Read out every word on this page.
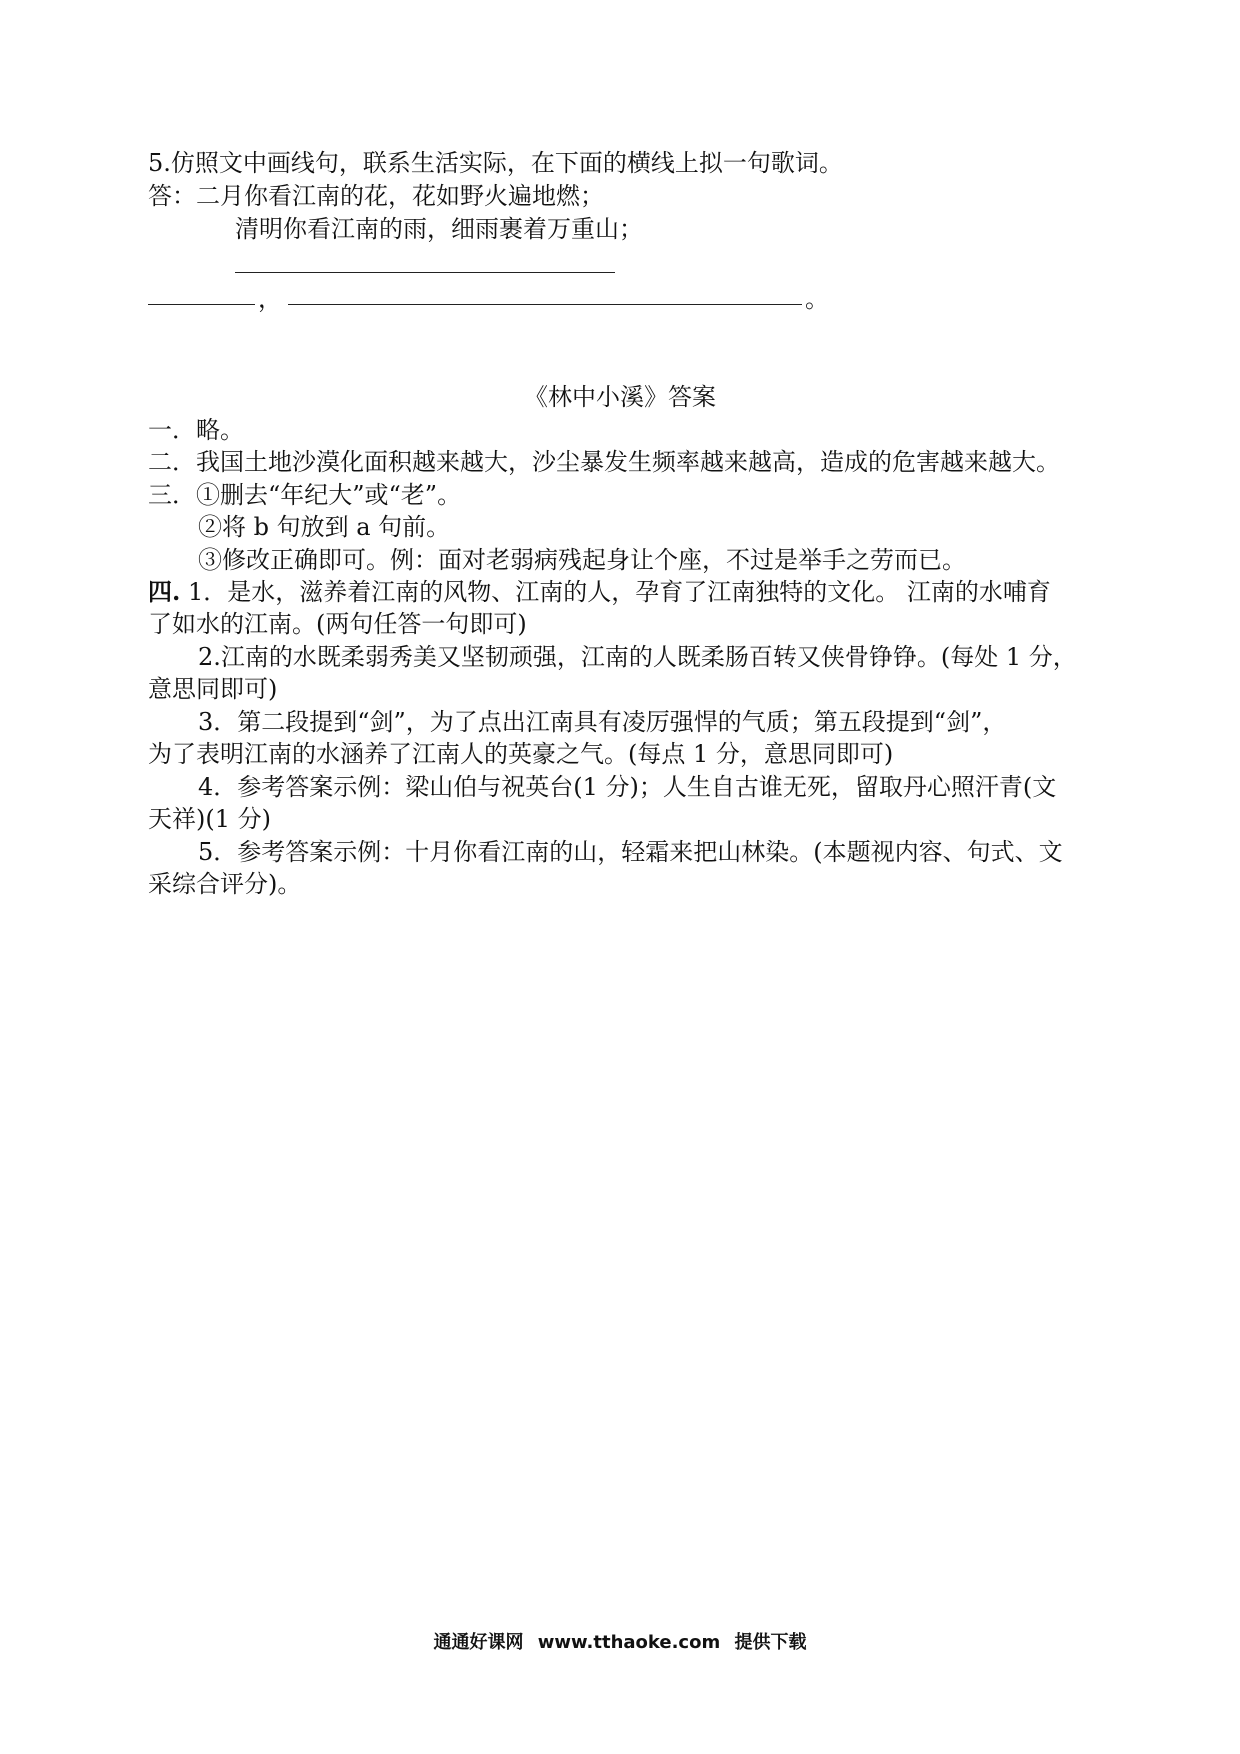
5.仿照文中画线句，联系生活实际，在下面的横线上拟一句歌词。
答：二月你看江南的花，花如野火遍地燃；
清明你看江南的雨，细雨裹着万重山；
，	。
《林中小溪》答案
一．略。
二．我国土地沙漠化面积越来越大，沙尘暴发生频率越来越高，造成的危害越来越大。
三．①删去“年纪大”或“老”。
②将 b 句放到 a 句前。
③修改正确即可。例：面对老弱病残起身让个座，不过是举手之劳而已。
四. 1．是水，滋养着江南的风物、江南的人，孕育了江南独特的文化。 江南的水哺育
了如水的江南。(两句任答一句即可)
2.江南的水既柔弱秀美又坚韧顽强，江南的人既柔肠百转又侠骨铮铮。(每处 1 分，
意思同即可)
3．第二段提到“剑”，为了点出江南具有凌厉强悍的气质；第五段提到“剑”，
为了表明江南的水涵养了江南人的英豪之气。(每点 1 分，意思同即可)
4．参考答案示例：梁山伯与祝英台(1 分)；人生自古谁无死，留取丹心照汗青(文
天祥)(1 分)
5．参考答案示例：十月你看江南的山，轻霜来把山林染。(本题视内容、句式、文
采综合评分)。
通通好课网 www.tthaoke.com 提供下载
